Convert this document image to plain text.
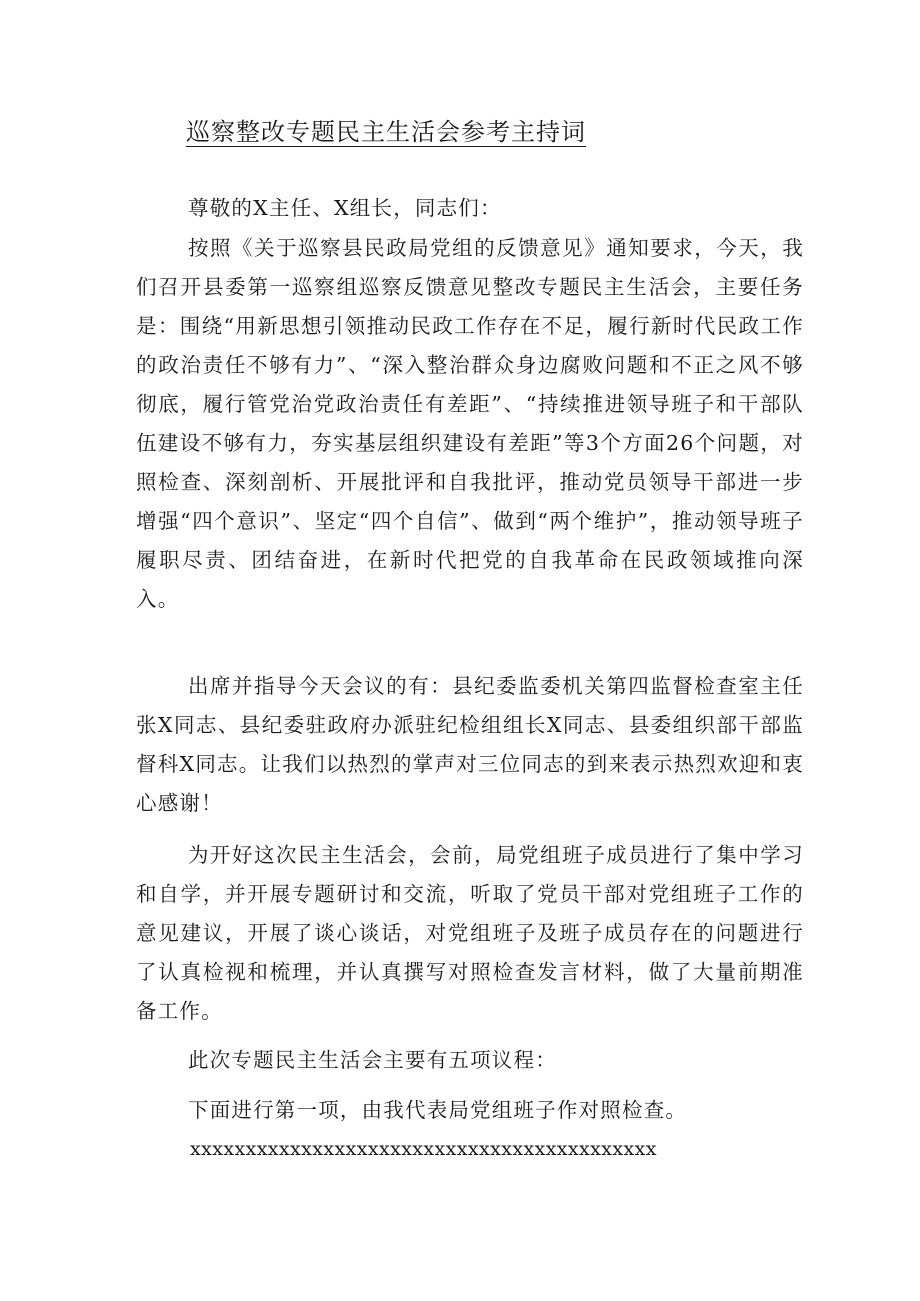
巡察整改专题民主生活会参考主持词

尊敬的X主任、X组长，同志们：

按照《关于巡察县民政局党组的反馈意见》通知要求，今天，我们召开县委第一巡察组巡察反馈意见整改专题民主生活会，主要任务是：围绕“用新思想引领推动民政工作存在不足，履行新时代民政工作的政治责任不够有力”、“深入整治群众身边腐败问题和不正之风不够彻底，履行管党治党政治责任有差距”、“持续推进领导班子和干部队伍建设不够有力，夯实基层组织建设有差距”等3个方面26个问题，对照检查、深刻剖析、开展批评和自我批评，推动党员领导干部进一步增强“四个意识”、坚定“四个自信”、做到“两个维护”，推动领导班子履职尽责、团结奋进，在新时代把党的自我革命在民政领域推向深入。

出席并指导今天会议的有：县纪委监委机关第四监督检查室主任张X同志、县纪委驻政府办派驻纪检组组长X同志、县委组织部干部监督科X同志。让我们以热烈的掌声对三位同志的到来表示热烈欢迎和衷心感谢！

为开好这次民主生活会，会前，局党组班子成员进行了集中学习和自学，并开展专题研讨和交流，听取了党员干部对党组班子工作的意见建议，开展了谈心谈话，对党组班子及班子成员存在的问题进行了认真检视和梳理，并认真撰写对照检查发言材料，做了大量前期准备工作。

此次专题民主生活会主要有五项议程：

下面进行第一项，由我代表局党组班子作对照检查。

xxxxxxxxxxxxxxxxxxxxxxxxxxxxxxxxxxxxxxxxxx
